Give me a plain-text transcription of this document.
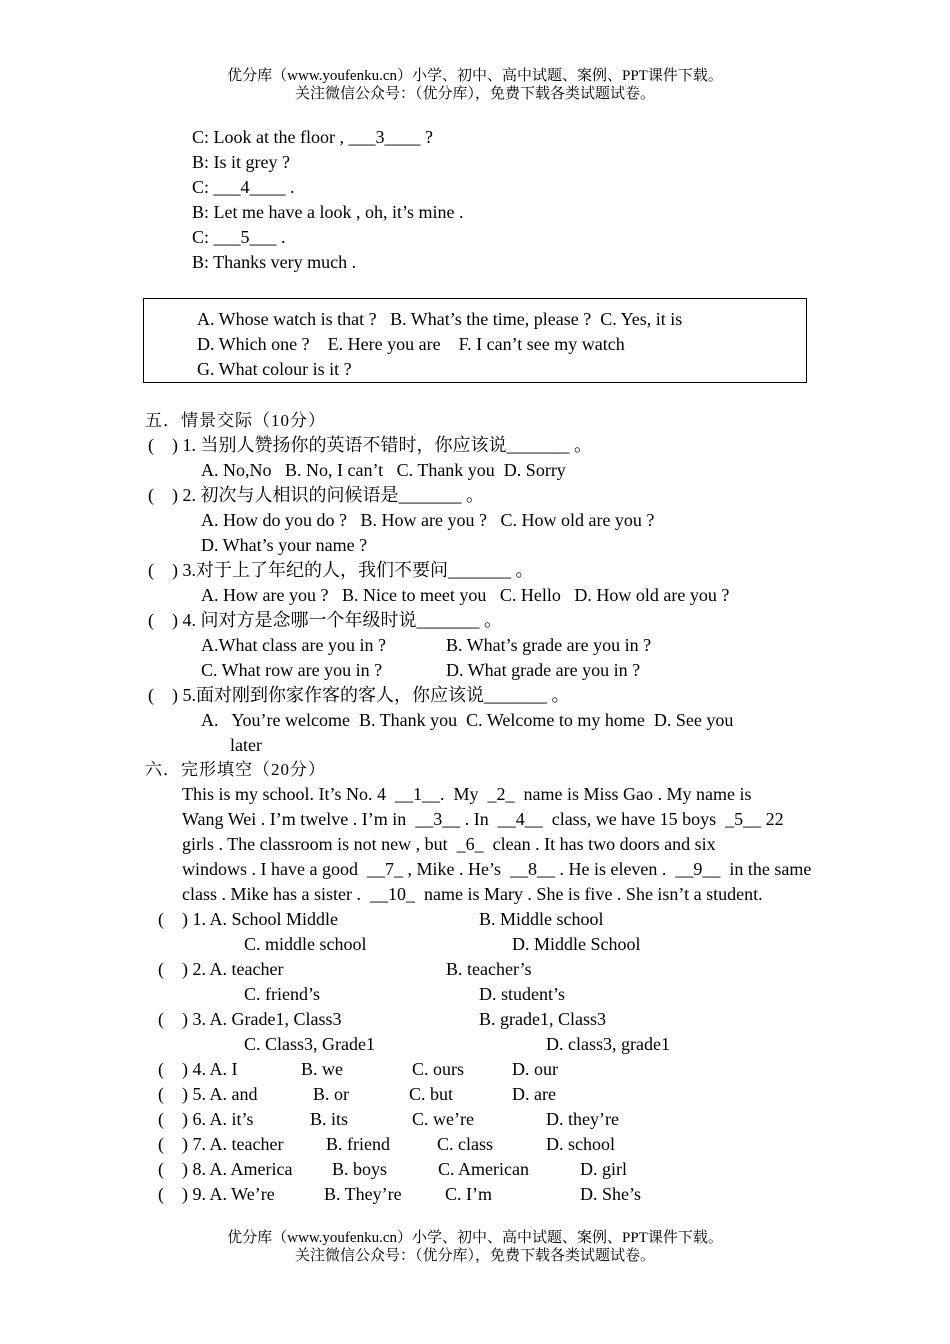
优分库（www.youfenku.cn）小学、初中、高中试题、案例、PPT课件下载。
关注微信公众号：（优分库），免费下载各类试题试卷。
C: Look at the floor , ___3____ ?
B: Is it grey ?
C: ___4____ .
B: Let me have a look , oh, it’s mine .
C: ___5___ .
B: Thanks very much .
A. Whose watch is that ?   B. What’s the time, please ?  C. Yes, it is
D. Which one ?    E. Here you are    F. I can’t see my watch
G. What colour is it ?
五．情景交际（10分）
(    ) 1. 当别人赞扬你的英语不错时，你应该说_______ 。
A. No,No   B. No, I can’t   C. Thank you  D. Sorry
(    ) 2. 初次与人相识的问候语是_______ 。
A. How do you do ?   B. How are you ?   C. How old are you ?
D. What’s your name ?
(    ) 3.对于上了年纪的人，我们不要问_______ 。
A. How are you ?   B. Nice to meet you   C. Hello   D. How old are you ?
(    ) 4. 问对方是念哪一个年级时说_______ 。
A.What class are you in ?	B. What’s grade are you in ?
C. What row are you in ?	D. What grade are you in ?
(    ) 5.面对刚到你家作客的客人，你应该说_______ 。
A.   You’re welcome  B. Thank you  C. Welcome to my home  D. See you
later
六．完形填空（20分）
This is my school. It’s No. 4  __1__.  My  _2_  name is Miss Gao . My name is
Wang Wei . I’m twelve . I’m in  __3__ . In  __4__  class, we have 15 boys  _5__ 22
girls . The classroom is not new , but  _6_  clean . It has two doors and six
windows . I have a good  __7_ , Mike . He’s  __8__ . He is eleven .  __9__  in the same
class . Mike has a sister .  __10_  name is Mary . She is five . She isn’t a student.
(    ) 1. A. School Middle	B. Middle school
C. middle school	D. Middle School
(    ) 2. A. teacher	B. teacher’s
C. friend’s	D. student’s
(    ) 3. A. Grade1, Class3	B. grade1, Class3
C. Class3, Grade1	D. class3, grade1
(    ) 4. A. I	B. we	C. ours	D. our
(    ) 5. A. and	B. or	C. but	D. are
(    ) 6. A. it’s	B. its	C. we’re	D. they’re
(    ) 7. A. teacher B. friend	C. class	D. school
(    ) 8. A. America B. boys	C. American	D. girl
(    ) 9. A. We’re	B. They’re C. I’m	D. She’s
优分库（www.youfenku.cn）小学、初中、高中试题、案例、PPT课件下载。
关注微信公众号：（优分库），免费下载各类试题试卷。
